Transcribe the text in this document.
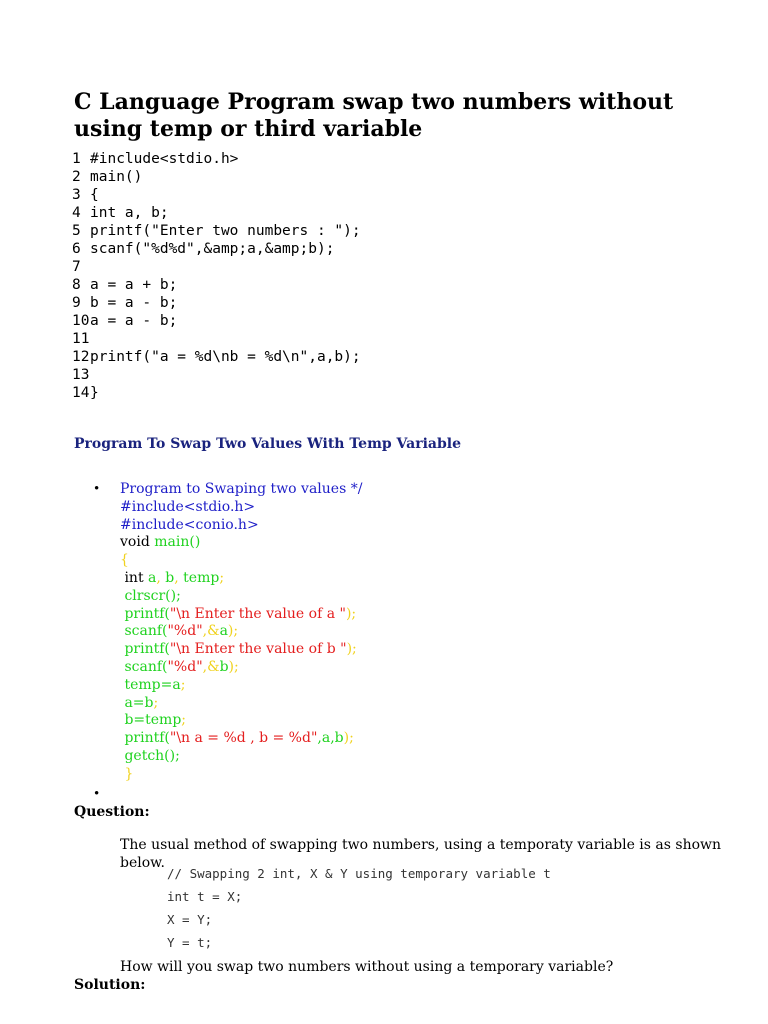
C Language Program swap two numbers without using temp or third variable
1 #include<stdio.h>
2 main()
3 {
4 int a, b;
5 printf("Enter two numbers : ");
6 scanf("%d%d",&amp;a,&amp;b);
7
8 a = a + b;
9 b = a - b;
10 a = a - b;
11
12 printf("a = %d\nb = %d\n",a,b);
13
14 }
Program To Swap Two Values With Temp Variable
• Program to Swaping two values */
#include<stdio.h>
#include<conio.h>
void main()
{
int a, b, temp;
clrscr();
printf("\n Enter the value of a ");
scanf("%d",&a);
printf("\n Enter the value of b ");
scanf("%d",&b);
temp=a;
a=b;
b=temp;
printf("\n a = %d , b = %d",a,b);
getch();
}
•
Question:
The usual method of swapping two numbers, using a temporaty variable is as shown below.
// Swapping 2 int, X & Y using temporary variable t
int t = X;
X = Y;
Y = t;
How will you swap two numbers without using a temporary variable?
Solution:
